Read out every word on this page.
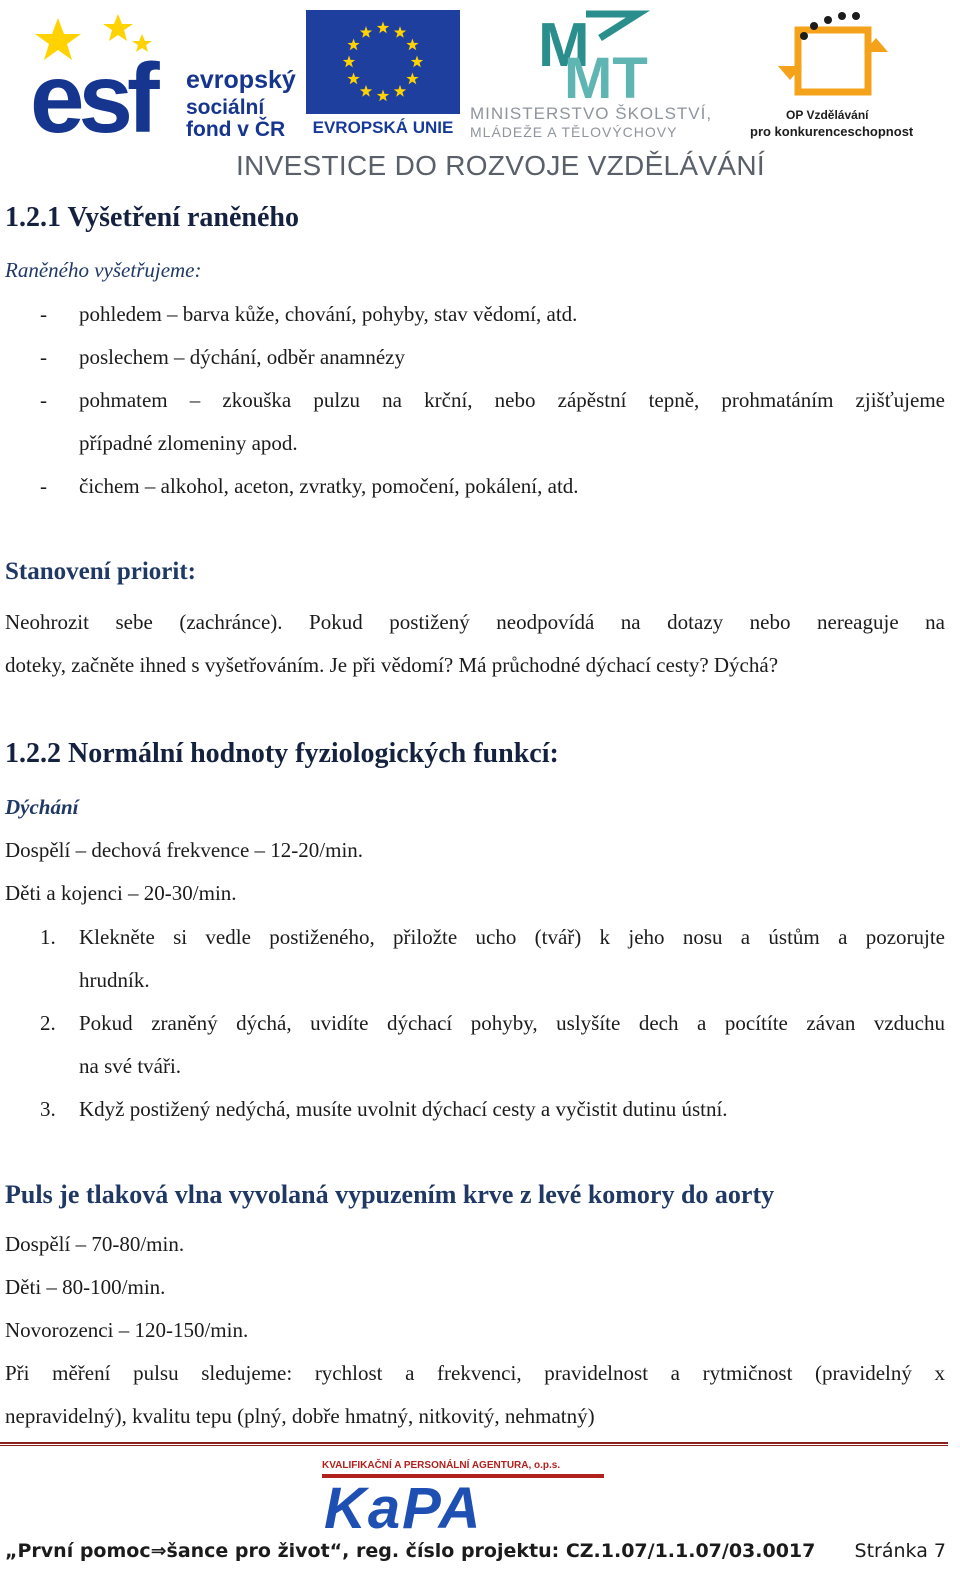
esf evropský
sociální
fond v ČR	EVROPSKÁ UNIE
M
MT
MINISTERSTVO ŠKOLSTVÍ,
MLÁDEŽE A TĚLOVÝCHOVY
OP Vzdělávání
pro konkurenceschopnost
INVESTICE DO ROZVOJE VZDĚLÁVÁNÍ
1.2.1 Vyšetření raněného
Raněného vyšetřujeme:
- pohledem – barva kůže, chování, pohyby, stav vědomí, atd.
- poslechem – dýchání, odběr anamnézy
- pohmatem – zkouška pulzu na krční, nebo zápěstní tepně, prohmatáním zjišťujeme
případné zlomeniny apod.
- čichem – alkohol, aceton, zvratky, pomočení, pokálení, atd.
Stanovení priorit:
Neohrozit sebe (zachránce). Pokud postižený neodpovídá na dotazy nebo nereaguje na
doteky, začněte ihned s vyšetřováním. Je při vědomí? Má průchodné dýchací cesty? Dýchá?
1.2.2 Normální hodnoty fyziologických funkcí:
Dýchání
Dospělí – dechová frekvence – 12-20/min.
Děti a kojenci – 20-30/min.
1. Klekněte si vedle postiženého, přiložte ucho (tvář) k jeho nosu a ústům a pozorujte
hrudník.
2. Pokud zraněný dýchá, uvidíte dýchací pohyby, uslyšíte dech a pocítíte závan vzduchu
na své tváři.
3. Když postižený nedýchá, musíte uvolnit dýchací cesty a vyčistit dutinu ústní.
Puls je tlaková vlna vyvolaná vypuzením krve z levé komory do aorty
Dospělí – 70-80/min.
Děti – 80-100/min.
Novorozenci – 120-150/min.
Při měření pulsu sledujeme: rychlost a frekvenci, pravidelnost a rytmičnost (pravidelný x
nepravidelný), kvalitu tepu (plný, dobře hmatný, nitkovitý, nehmatný)
KaPA
KVALIFIKAČNÍ A PERSONÁLNÍ AGENTURA, o.p.s.
„První pomoc⇒šance pro život“, reg. číslo projektu: CZ.1.07/1.1.07/03.0017 Stránka 7
